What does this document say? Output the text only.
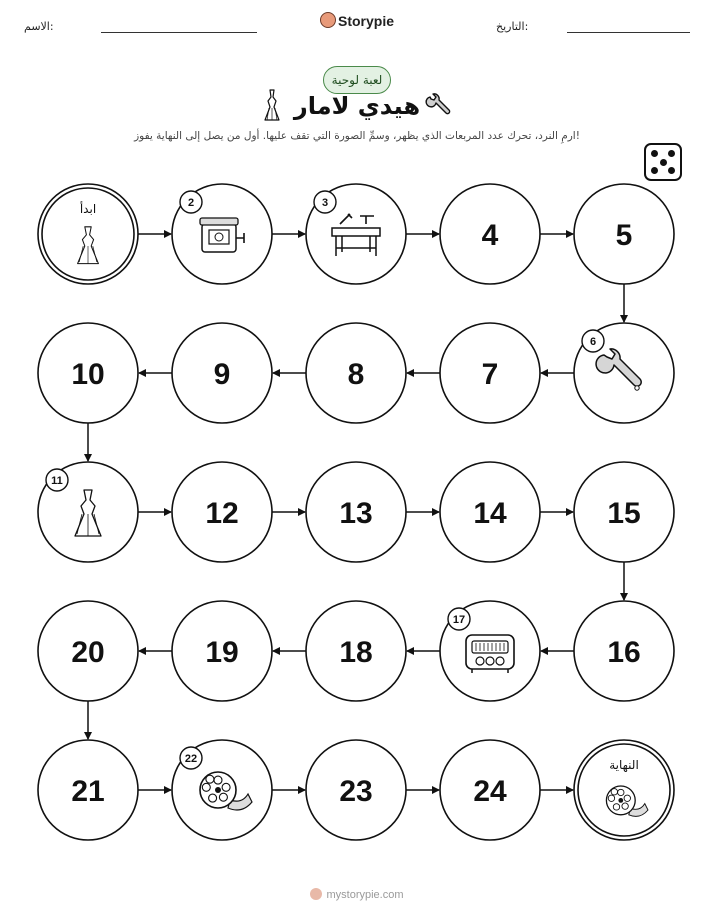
التاريخ:
Storypie
الاسم:
لعبة لوحية
هيدي لامار
ارمِ النرد، تحرك عدد المربعات الذي يظهر، وسمِّ الصورة التي تقف عليها. أول من يصل إلى النهاية يفوز!
ابدأ	2	3
4	5
6
7
8
9
10
11
12	13	14	15
16
17
18
19
20
21
22
23	24
النهاية
mystorypie.com
